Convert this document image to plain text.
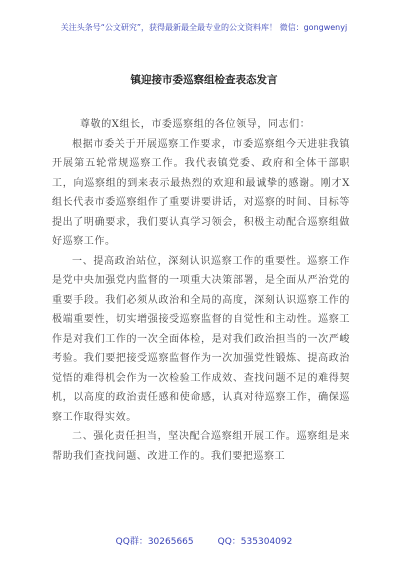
关注头条号“公文研究”，获得最新最全最专业的公文资料库！ 微信：gongwenyj
镇迎接市委巡察组检查表态发言

尊敬的X组长，市委巡察组的各位领导，同志们：

根据市委关于开展巡察工作要求，市委巡察组今天进驻我镇开展第五轮常规巡察工作。我代表镇党委、政府和全体干部职工，向巡察组的到来表示最热烈的欢迎和最诚挚的感谢。刚才X组长代表市委巡察组作了重要讲要讲话，对巡察的时间、目标等提出了明确要求，我们要认真学习领会，积极主动配合巡察组做好巡察工作。

一、提高政治站位，深刻认识巡察工作的重要性。巡察工作是党中央加强党内监督的一项重大决策部署，是全面从严治党的重要手段。我们必须从政治和全局的高度，深刻认识巡察工作的极端重要性，切实增强接受巡察监督的自觉性和主动性。巡察工作是对我们工作的一次全面体检，是对我们政治担当的一次严峻考验。我们要把接受巡察监督作为一次加强党性锻炼、提高政治觉悟的难得机会作为一次检验工作成效、查找问题不足的难得契机，以高度的政治责任感和使命感，认真对待巡察工作，确保巡察工作取得实效。

二、强化责任担当，坚决配合巡察组开展工作。巡察组是来帮助我们查找问题、改进工作的。我们要把巡察工

QQ群：30265665	QQ：535304092
